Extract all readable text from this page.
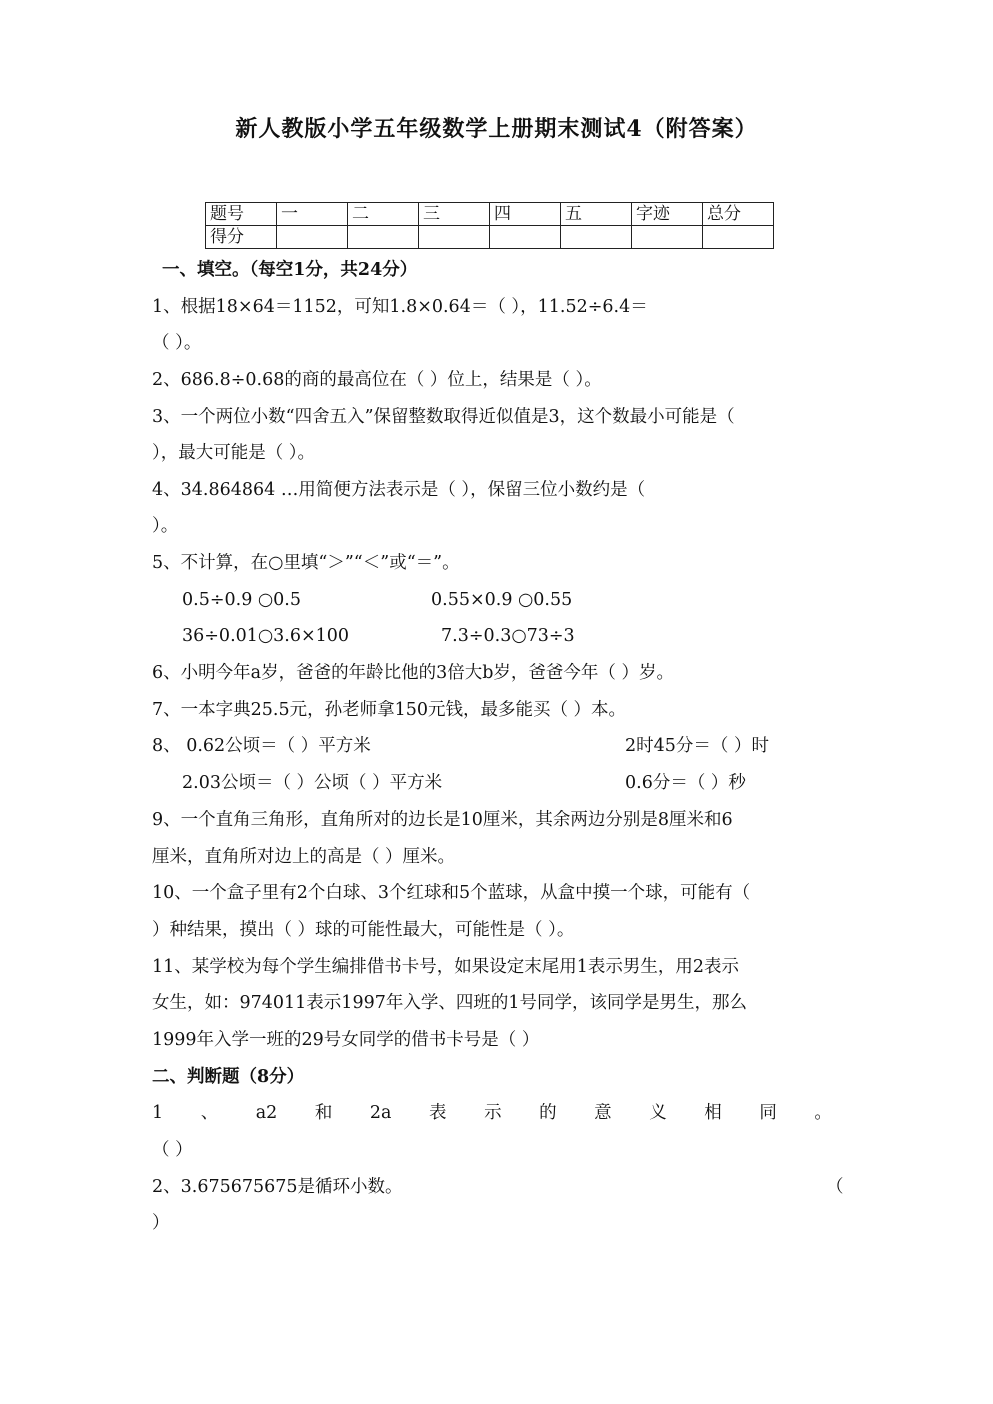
新人教版小学五年级数学上册期末测试4（附答案）
题号	一	二	三	四	五	字迹	总分
得分							
一、填空。（每空1分，共24分）
1、根据18×64＝1152，可知1.8×0.64＝（ ），11.52÷6.4＝
（ ）。
2、686.8÷0.68的商的最高位在（ ）位上，结果是（ ）。
3、一个两位小数“四舍五入”保留整数取得近似值是3，这个数最小可能是（
），最大可能是（ ）。
4、34.864864 …用简便方法表示是（ ），保留三位小数约是（
）。
5、不计算，在○里填“＞”“＜”或“＝”。
0.5÷0.9 ○0.5	0.55×0.9 ○0.55
36÷0.01○3.6×100	7.3÷0.3○73÷3
6、小明今年a岁，爸爸的年龄比他的3倍大b岁，爸爸今年（ ）岁。
7、一本字典25.5元，孙老师拿150元钱，最多能买（ ）本。
8、 0.62公顷＝（ ）平方米	2时45分＝（ ）时
2.03公顷＝（ ）公顷（ ）平方米	0.6分＝（ ）秒
9、一个直角三角形，直角所对的边长是10厘米，其余两边分别是8厘米和6
厘米，直角所对边上的高是（ ）厘米。
10、一个盒子里有2个白球、3个红球和5个蓝球，从盒中摸一个球，可能有（
）种结果，摸出（ ）球的可能性最大，可能性是（ ）。
11、某学校为每个学生编排借书卡号，如果设定末尾用1表示男生，用2表示
女生，如：974011表示1997年入学、四班的1号同学，该同学是男生，那么
1999年入学一班的29号女同学的借书卡号是（ ）
二、判断题（8分）
1 、 a2 和 2a 表 示 的 意 义 相 同 。
（ ）
2、3.675675675是循环小数。	（
）
